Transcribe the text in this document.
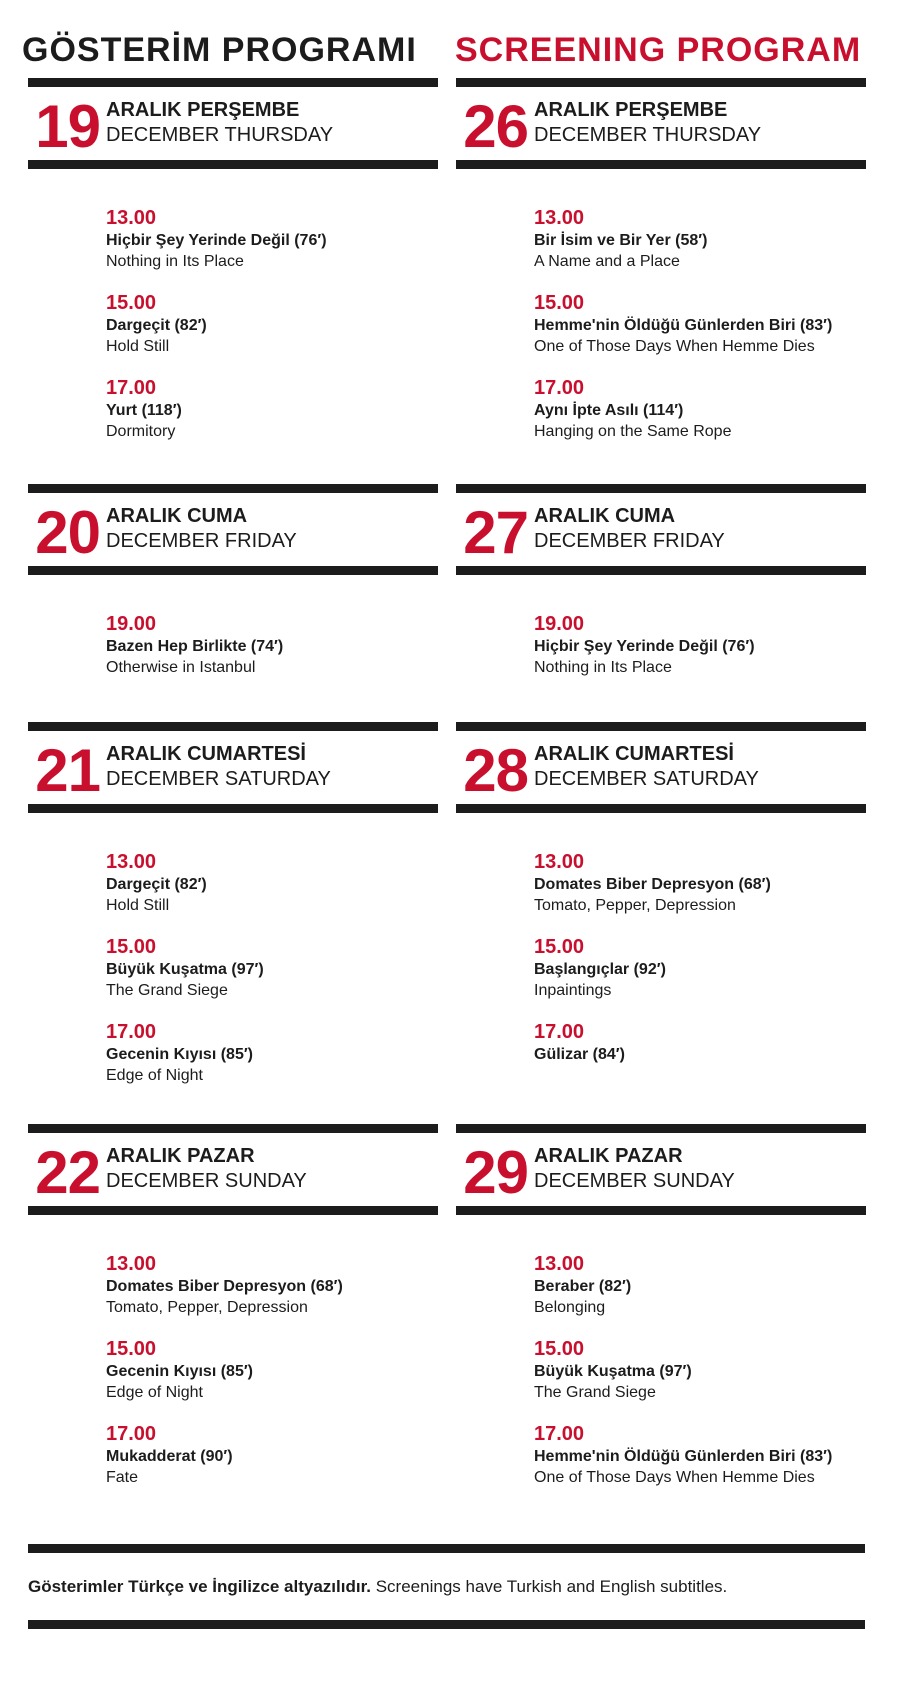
GÖSTERİM PROGRAMI SCREENING PROGRAM
19 ARALIK PERŞEMBE
DECEMBER THURSDAY
13.00
Hiçbir Şey Yerinde Değil (76′)
Nothing in Its Place
15.00
Dargeçit (82′)
Hold Still
17.00
Yurt (118′)
Dormitory
20 ARALIK CUMA
DECEMBER FRIDAY
19.00
Bazen Hep Birlikte (74′)
Otherwise in Istanbul
21 ARALIK CUMARTESİ
DECEMBER SATURDAY
13.00
Dargeçit (82′)
Hold Still
15.00
Büyük Kuşatma (97′)
The Grand Siege
17.00
Gecenin Kıyısı (85′)
Edge of Night
22 ARALIK PAZAR
DECEMBER SUNDAY
13.00
Domates Biber Depresyon (68′)
Tomato, Pepper, Depression
15.00
Gecenin Kıyısı (85′)
Edge of Night
17.00
Mukadderat (90′)
Fate
26 ARALIK PERŞEMBE
DECEMBER THURSDAY
13.00
Bir İsim ve Bir Yer (58′)
A Name and a Place
15.00
Hemme'nin Öldüğü Günlerden Biri (83′)
One of Those Days When Hemme Dies
17.00
Aynı İpte Asılı (114′)
Hanging on the Same Rope
27 ARALIK CUMA
DECEMBER FRIDAY
19.00
Hiçbir Şey Yerinde Değil (76′)
Nothing in Its Place
28 ARALIK CUMARTESİ
DECEMBER SATURDAY
13.00
Domates Biber Depresyon (68′)
Tomato, Pepper, Depression
15.00
Başlangıçlar (92′)
Inpaintings
17.00
Gülizar (84′)
29 ARALIK PAZAR
DECEMBER SUNDAY
13.00
Beraber (82′)
Belonging
15.00
Büyük Kuşatma (97′)
The Grand Siege
17.00
Hemme'nin Öldüğü Günlerden Biri (83′)
One of Those Days When Hemme Dies
Gösterimler Türkçe ve İngilizce altyazılıdır. Screenings have Turkish and English subtitles.
